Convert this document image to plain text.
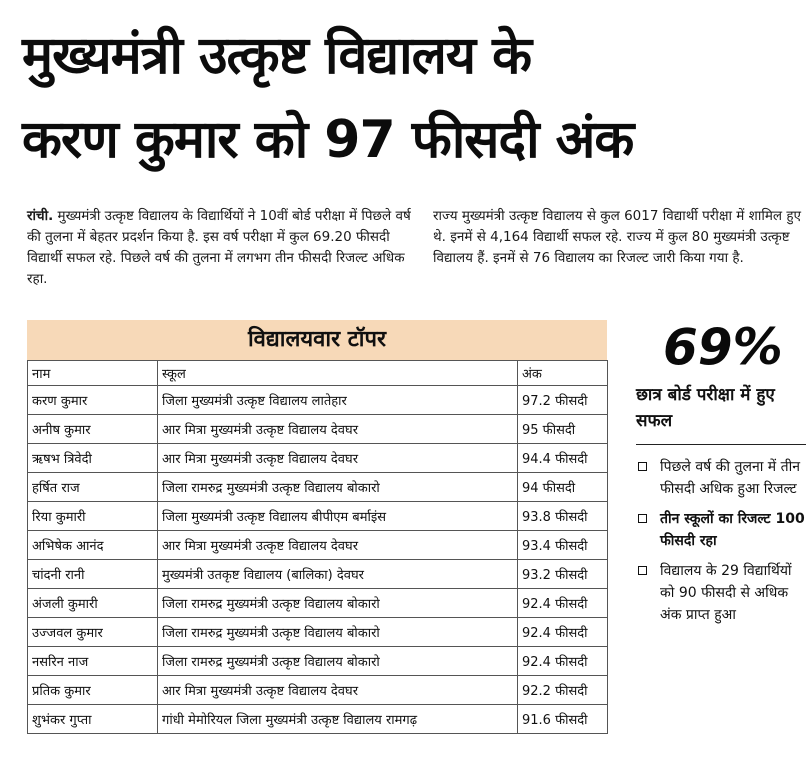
मुख्यमंत्री उत्कृष्ट विद्यालय के
करण कुमार को 97 फीसदी अंक
रांची. मुख्यमंत्री उत्कृष्ट विद्यालय के विद्यार्थियों ने 10वीं बोर्ड परीक्षा में पिछले वर्ष की तुलना में बेहतर प्रदर्शन किया है. इस वर्ष परीक्षा में कुल 69.20 फीसदी विद्यार्थी सफल रहे. पिछले वर्ष की तुलना में लगभग तीन फीसदी रिजल्ट अधिक रहा.
राज्य मुख्यमंत्री उत्कृष्ट विद्यालय से कुल 6017 विद्यार्थी परीक्षा में शामिल हुए थे. इनमें से 4,164 विद्यार्थी सफल रहे. राज्य में कुल 80 मुख्यमंत्री उत्कृष्ट विद्यालय हैं. इनमें से 76 विद्यालय का रिजल्ट जारी किया गया है.
विद्यालयवार टॉपर
नाम	स्कूल	अंक
करण कुमार	जिला मुख्यमंत्री उत्कृष्ट विद्यालय लातेहार	97.2 फीसदी
अनीष कुमार	आर मित्रा मुख्यमंत्री उत्कृष्ट विद्यालय देवघर	95 फीसदी
ऋषभ त्रिवेदी	आर मित्रा मुख्यमंत्री उत्कृष्ट विद्यालय देवघर	94.4 फीसदी
हर्षित राज	जिला रामरुद्र मुख्यमंत्री उत्कृष्ट विद्यालय बोकारो	94 फीसदी
रिया कुमारी	जिला मुख्यमंत्री उत्कृष्ट विद्यालय बीपीएम बर्माइंस	93.8 फीसदी
अभिषेक आनंद	आर मित्रा मुख्यमंत्री उत्कृष्ट विद्यालय देवघर	93.4 फीसदी
चांदनी रानी	मुख्यमंत्री उतकृष्ट विद्यालय (बालिका) देवघर	93.2 फीसदी
अंजली कुमारी	जिला रामरुद्र मुख्यमंत्री उत्कृष्ट विद्यालय बोकारो	92.4 फीसदी
उज्जवल कुमार	जिला रामरुद्र मुख्यमंत्री उत्कृष्ट विद्यालय बोकारो	92.4 फीसदी
नसरिन नाज	जिला रामरुद्र मुख्यमंत्री उत्कृष्ट विद्यालय बोकारो	92.4 फीसदी
प्रतिक कुमार	आर मित्रा मुख्यमंत्री उत्कृष्ट विद्यालय देवघर	92.2 फीसदी
शुभंकर गुप्ता	गांधी मेमोरियल जिला मुख्यमंत्री उत्कृष्ट विद्यालय रामगढ़	91.6 फीसदी
69%
छात्र बोर्ड परीक्षा में हुए सफल
पिछले वर्ष की तुलना में तीन फीसदी अधिक हुआ रिजल्ट
तीन स्कूलों का रिजल्ट 100 फीसदी रहा
विद्यालय के 29 विद्यार्थियों को 90 फीसदी से अधिक अंक प्राप्त हुआ
